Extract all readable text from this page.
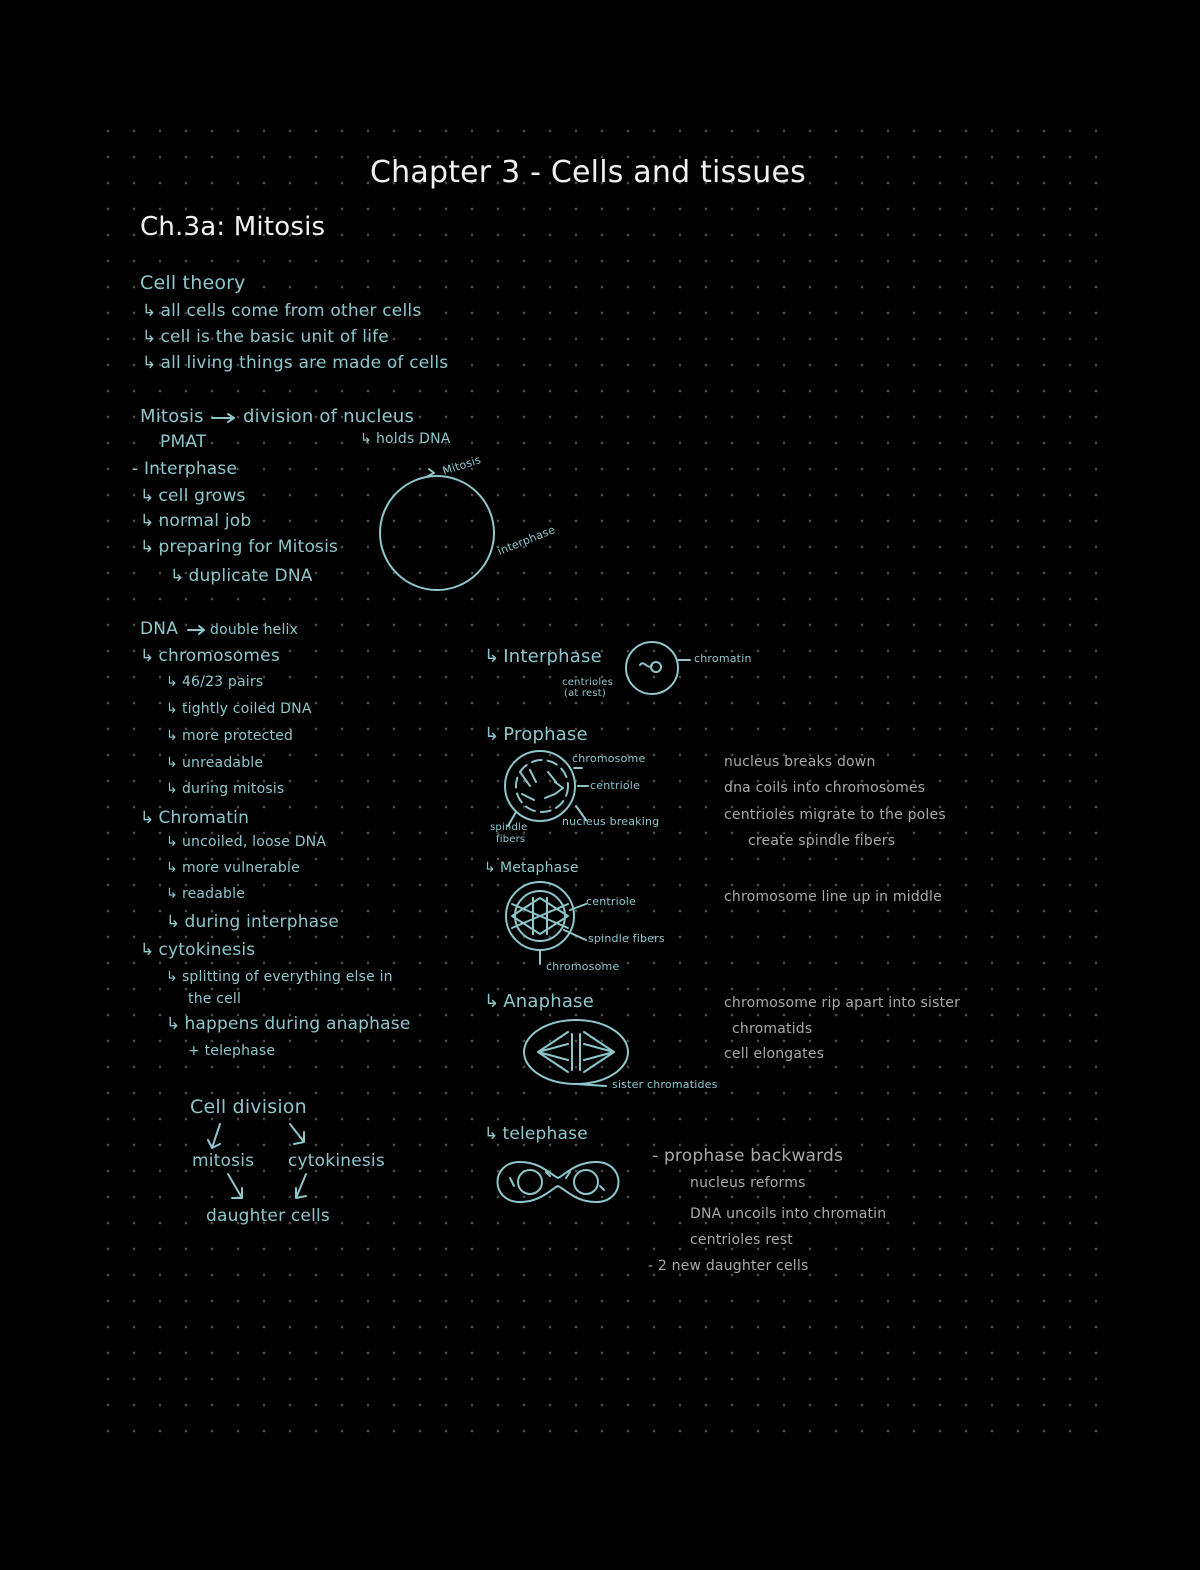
Chapter 3 - Cells and tissues
Ch.3a: Mitosis
Cell theory
↳ all cells come from other cells
↳ cell is the basic unit of life
↳ all living things are made of cells
Mitosis division of nucleus
↳ holds DNA
PMAT
- Interphase
↳ cell grows
↳ normal job
↳ preparing for Mitosis
↳ duplicate DNA
Mitosis
interphase
DNA double helix
↳ chromosomes
↳ 46/23 pairs
↳ tightly coiled DNA
↳ more protected
↳ unreadable
↳ during mitosis
↳ Chromatin
↳ uncoiled, loose DNA
↳ more vulnerable
↳ readable
↳ during interphase
↳ cytokinesis
↳ splitting of everything else in
the cell
↳ happens during anaphase
+ telephase
Cell division
mitosis cytokinesis
daughter cells
↳ Interphase	chromatin
centrioles
(at rest)
↳ Prophase
chromosome
centriole
nucleus breaking
spindle
fibers
nucleus breaks down
dna coils into chromosomes
centrioles migrate to the poles
create spindle fibers
↳ Metaphase
centriole
spindle fibers
chromosome
chromosome line up in middle
↳ Anaphase
sister chromatides
chromosome rip apart into sister
chromatids
cell elongates
↳ telephase
- prophase backwards
nucleus reforms
DNA uncoils into chromatin
centrioles rest
- 2 new daughter cells
